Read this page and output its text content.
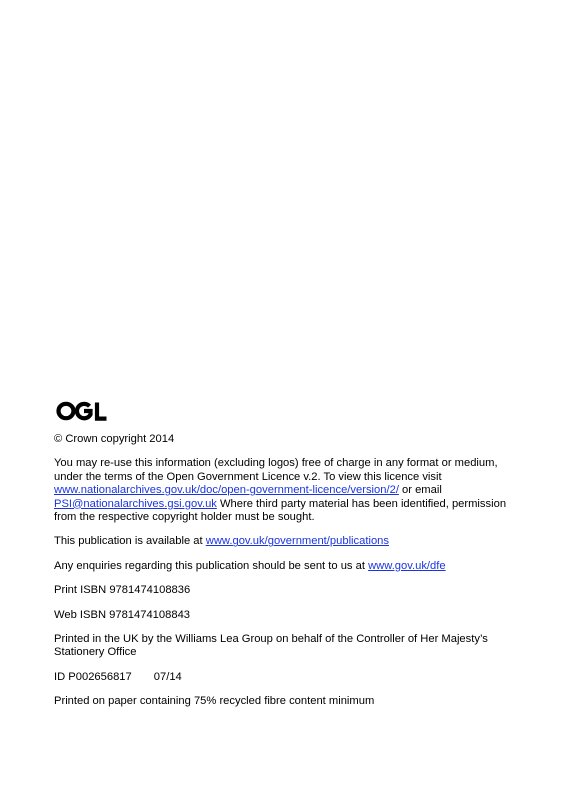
© Crown copyright 2014

You may re-use this information (excluding logos) free of charge in any format or medium, under the terms of the Open Government Licence v.2. To view this licence visit www.nationalarchives.gov.uk/doc/open-government-licence/version/2/ or email PSI@nationalarchives.gsi.gov.uk Where third party material has been identified, permission from the respective copyright holder must be sought.

This publication is available at www.gov.uk/government/publications

Any enquiries regarding this publication should be sent to us at www.gov.uk/dfe

Print ISBN 9781474108836

Web ISBN 9781474108843

Printed in the UK by the Williams Lea Group on behalf of the Controller of Her Majesty’s Stationery Office

ID P002656817 07/14

Printed on paper containing 75% recycled fibre content minimum
